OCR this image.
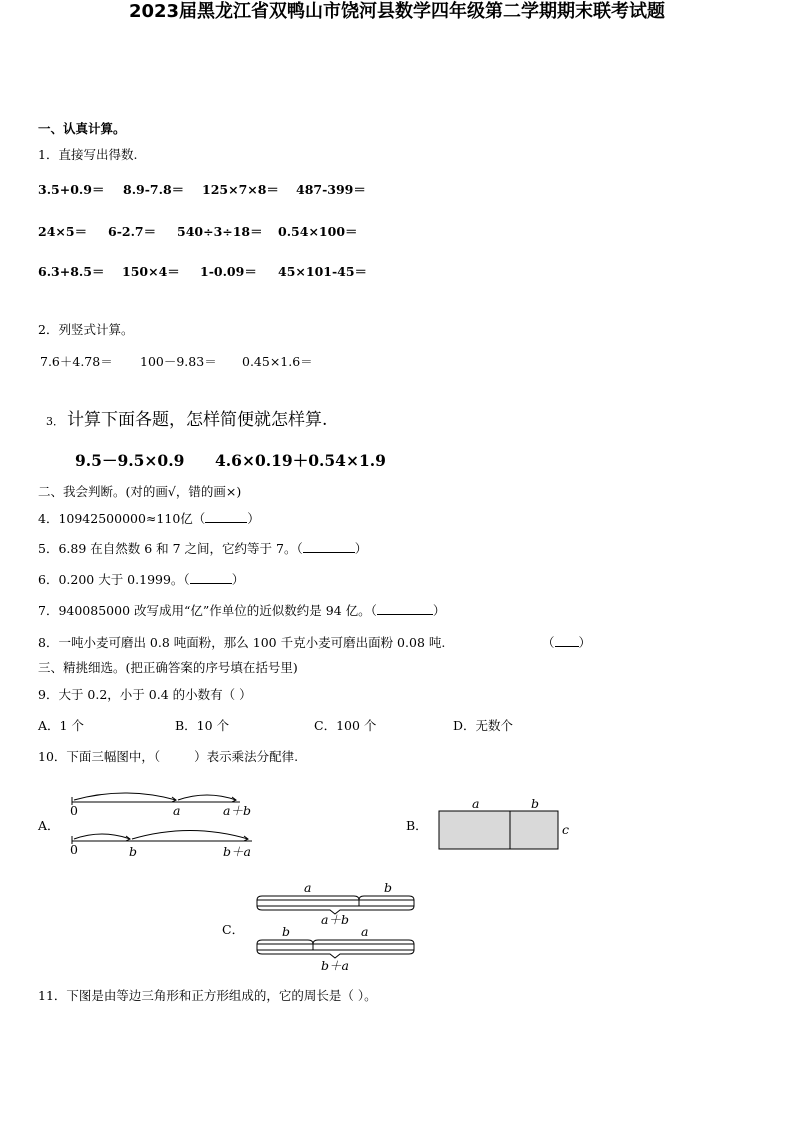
2023届黑龙江省双鸭山市饶河县数学四年级第二学期期末联考试题
一、认真计算。
1．直接写出得数.
3.5+0.9＝ 8.9-7.8＝ 125×7×8＝ 487-399＝
24×5＝ 6-2.7＝ 540÷3÷18＝ 0.54×100＝
6.3+8.5＝ 150×4＝ 1-0.09＝ 45×101-45＝
2．列竖式计算。
7.6＋4.78＝ 100－9.83＝ 0.45×1.6＝
3． 计算下面各题，怎样简便就怎样算.
9.5－9.5×0.9 4.6×0.19＋0.54×1.9
二、我会判断。(对的画√，错的画×)
4．10942500000≈110亿（	）
5．6.89 在自然数 6 和 7 之间，它约等于 7。（	）
6．0.200 大于 0.1999。（	）
7．940085000 改写成用“亿”作单位的近似数约是 94 亿。（	）
8．一吨小麦可磨出 0.8 吨面粉，那么 100 千克小麦可磨出面粉 0.08 吨.	（ ）
三、精挑细选。(把正确答案的序号填在括号里)
9．大于 0.2，小于 0.4 的小数有（ ）
A．1 个	B．10 个	C．100 个	D．无数个
10．下面三幅图中，（	）表示乘法分配律.
A．	B．
C．
0	a	a＋b
0	b	b＋a
a	b
c
a	b
a＋b
b	a
b＋a
11．下图是由等边三角形和正方形组成的，它的周长是（ ）。
